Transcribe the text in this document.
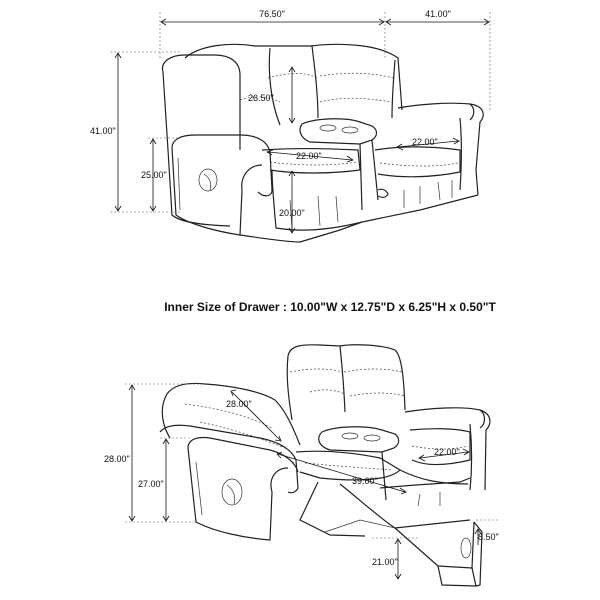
76.50"	41.00"
41.00"
25.00"
26.50"
22.00"
22.00"
20.00"
Inner Size of Drawer : 10.00"W x 12.75"D x 6.25"H x 0.50"T
28.00"
28.00"
27.00"
22.00"
39.00"
21.00"
8.50"
